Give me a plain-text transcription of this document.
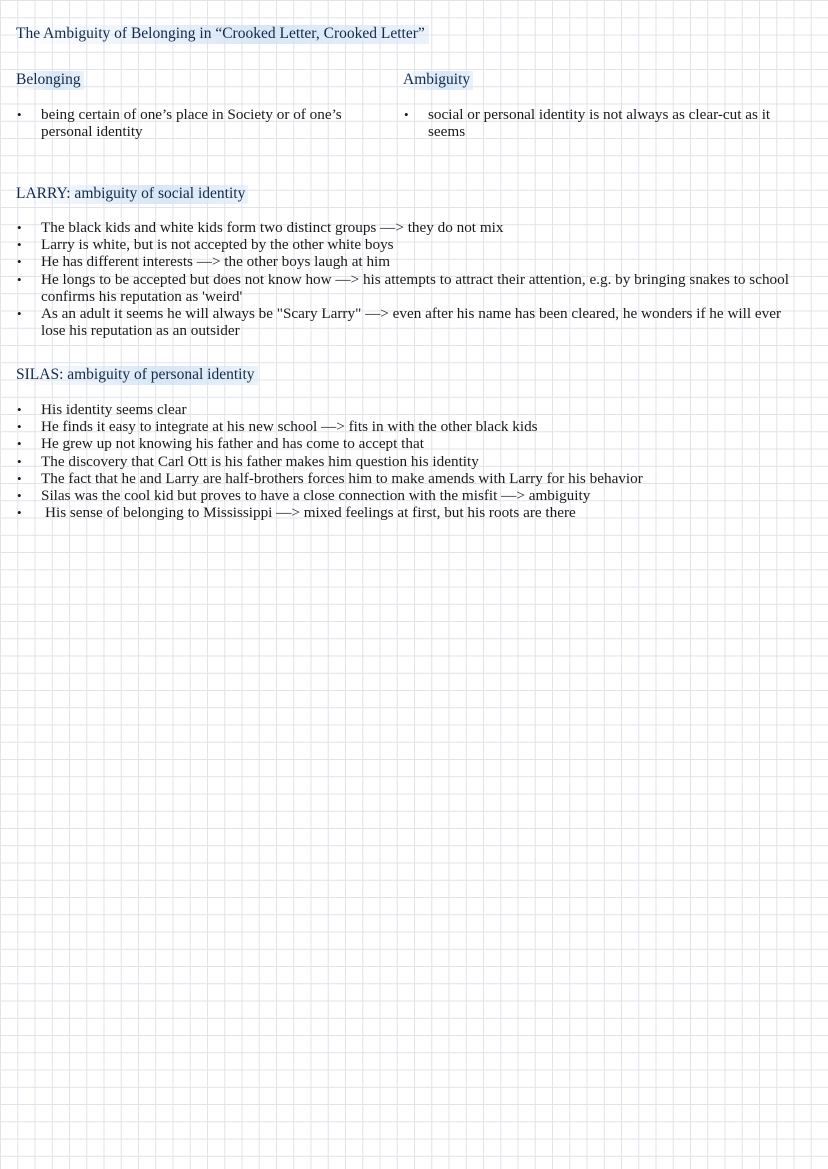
The Ambiguity of Belonging in “Crooked Letter, Crooked Letter”
Belonging	Ambiguity
• being certain of one’s place in Society or of one’s personal identity
• social or personal identity is not always as clear-cut as it seems
LARRY: ambiguity of social identity
• The black kids and white kids form two distinct groups —> they do not mix
• Larry is white, but is not accepted by the other white boys
• He has different interests —> the other boys laugh at him
• He longs to be accepted but does not know how —> his attempts to attract their attention, e.g. by bringing snakes to school confirms his reputation as 'weird'
• As an adult it seems he will always be "Scary Larry" —> even after his name has been cleared, he wonders if he will ever lose his reputation as an outsider
SILAS: ambiguity of personal identity
• His identity seems clear
• He finds it easy to integrate at his new school —> fits in with the other black kids
• He grew up not knowing his father and has come to accept that
• The discovery that Carl Ott is his father makes him question his identity
• The fact that he and Larry are half-brothers forces him to make amends with Larry for his behavior
• Silas was the cool kid but proves to have a close connection with the misfit —> ambiguity
• His sense of belonging to Mississippi —> mixed feelings at first, but his roots are there
